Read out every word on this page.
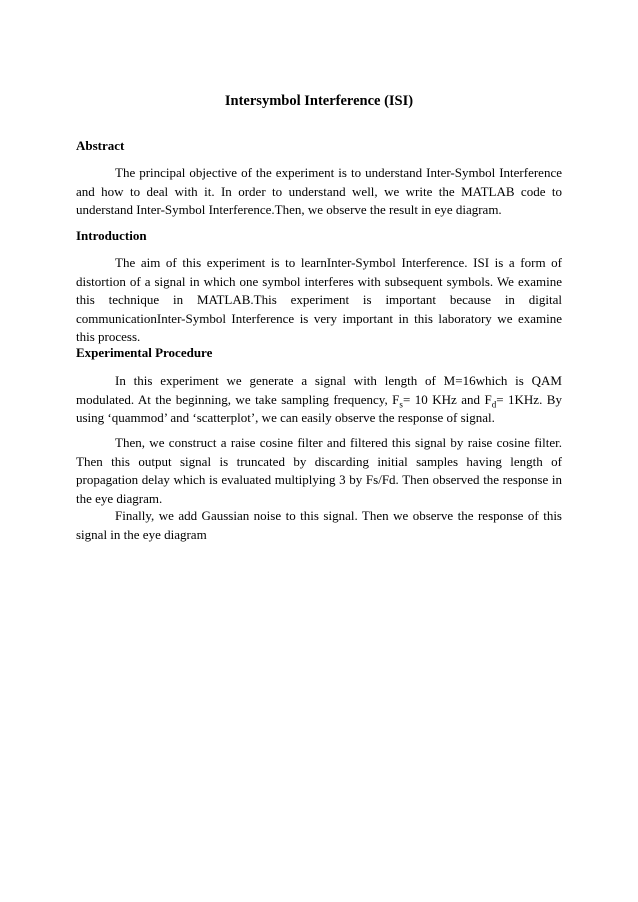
Intersymbol Interference (ISI)
Abstract

The principal objective of the experiment is to understand Inter-Symbol Interference and how to deal with it. In order to understand well, we write the MATLAB code to understand Inter-Symbol Interference.Then, we observe the result in eye diagram.

Introduction

The aim of this experiment is to learnInter-Symbol Interference. ISI is a form of distortion of a signal in which one symbol interferes with subsequent symbols. We examine this technique in MATLAB.This experiment is important because in digital communicationInter-Symbol Interference is very important in this laboratory we examine this process.

Experimental Procedure

In this experiment we generate a signal with length of M=16which is QAM modulated. At the beginning, we take sampling frequency, $F_s= 10$ KHz and $F_d= 1KHz$. By using ‘quammod’ and ‘scatterplot’, we can easily observe the response of signal.

Then, we construct a raise cosine filter and filtered this signal by raise cosine filter. Then this output signal is truncated by discarding initial samples having length of propagation delay which is evaluated multiplying 3 by Fs/Fd. Then observed the response in the eye diagram.

Finally, we add Gaussian noise to this signal. Then we observe the response of this signal in the eye diagram
